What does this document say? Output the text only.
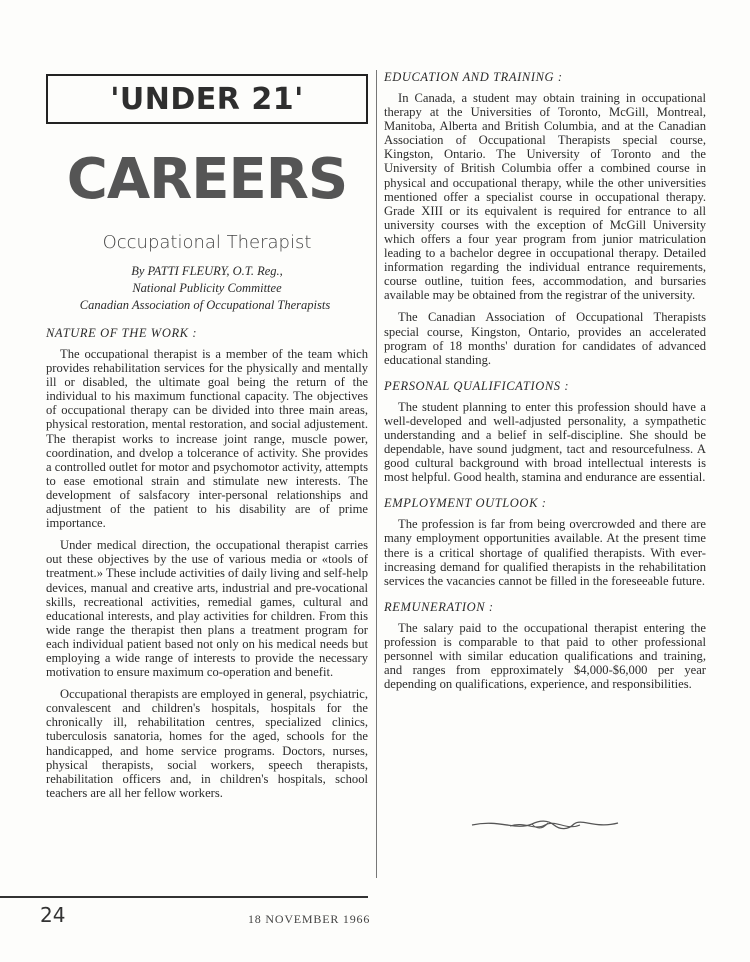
'UNDER 21'
CAREERS
Occupational Therapist
By PATTI FLEURY, O.T. Reg.,
National Publicity Committee
Canadian Association of Occupational Therapists
NATURE OF THE WORK :

The occupational therapist is a member of the team which provides rehabilitation services for the physically and mentally ill or disabled, the ultimate goal being the return of the individual to his maximum functional capacity. The objectives of occupational therapy can be divided into three main areas, physical restoration, mental restoration, and social adjustement. The therapist works to increase joint range, muscle power, coordination, and dvelop a tolcerance of activity. She provides a controlled outlet for motor and psychomotor activity, attempts to ease emotional strain and stimulate new interests. The development of salsfacory inter-personal relationships and adjustment of the patient to his disability are of prime importance.

Under medical direction, the occupational therapist carries out these objectives by the use of various media or «tools of treatment.» These include activities of daily living and self-help devices, manual and creative arts, industrial and pre-vocational skills, recreational activities, remedial games, cultural and educational interests, and play activities for children. From this wide range the therapist then plans a treatment program for each individual patient based not only on his medical needs but employing a wide range of interests to provide the necessary motivation to ensure maximum co-operation and benefit.

Occupational therapists are employed in general, psychiatric, convalescent and children's hospitals, hospitals for the chronically ill, rehabilitation centres, specialized clinics, tuberculosis sanatoria, homes for the aged, schools for the handicapped, and home service programs. Doctors, nurses, physical therapists, social workers, speech therapists, rehabilitation officers and, in children's hospitals, school teachers are all her fellow workers.

EDUCATION AND TRAINING :

In Canada, a student may obtain training in occupational therapy at the Universities of Toronto, McGill, Montreal, Manitoba, Alberta and British Columbia, and at the Canadian Association of Occupational Therapists special course, Kingston, Ontario. The University of Toronto and the University of British Columbia offer a combined course in physical and occupational therapy, while the other universities mentioned offer a specialist course in occupational therapy. Grade XIII or its equivalent is required for entrance to all university courses with the exception of McGill University which offers a four year program from junior matriculation leading to a bachelor degree in occupational therapy. Detailed information regarding the individual entrance requirements, course outline, tuition fees, accommodation, and bursaries available may be obtained from the registrar of the university.

The Canadian Association of Occupational Therapists special course, Kingston, Ontario, provides an accelerated program of 18 months' duration for candidates of advanced educational standing.

PERSONAL QUALIFICATIONS :

The student planning to enter this profession should have a well-developed and well-adjusted personality, a sympathetic understanding and a belief in self-discipline. She should be dependable, have sound judgment, tact and resourcefulness. A good cultural background with broad intellectual interests is most helpful. Good health, stamina and endurance are essential.

EMPLOYMENT OUTLOOK :

The profession is far from being overcrowded and there are many employment opportunities available. At the present time there is a critical shortage of qualified therapists. With ever-increasing demand for qualified therapists in the rehabilitation services the vacancies cannot be filled in the foreseeable future.

REMUNERATION :

The salary paid to the occupational therapist entering the profession is comparable to that paid to other professional personnel with similar education qualifications and training, and ranges from epproximately $4,000-$6,000 per year depending on qualifications, experience, and responsibilities.

24	18 NOVEMBER 1966
